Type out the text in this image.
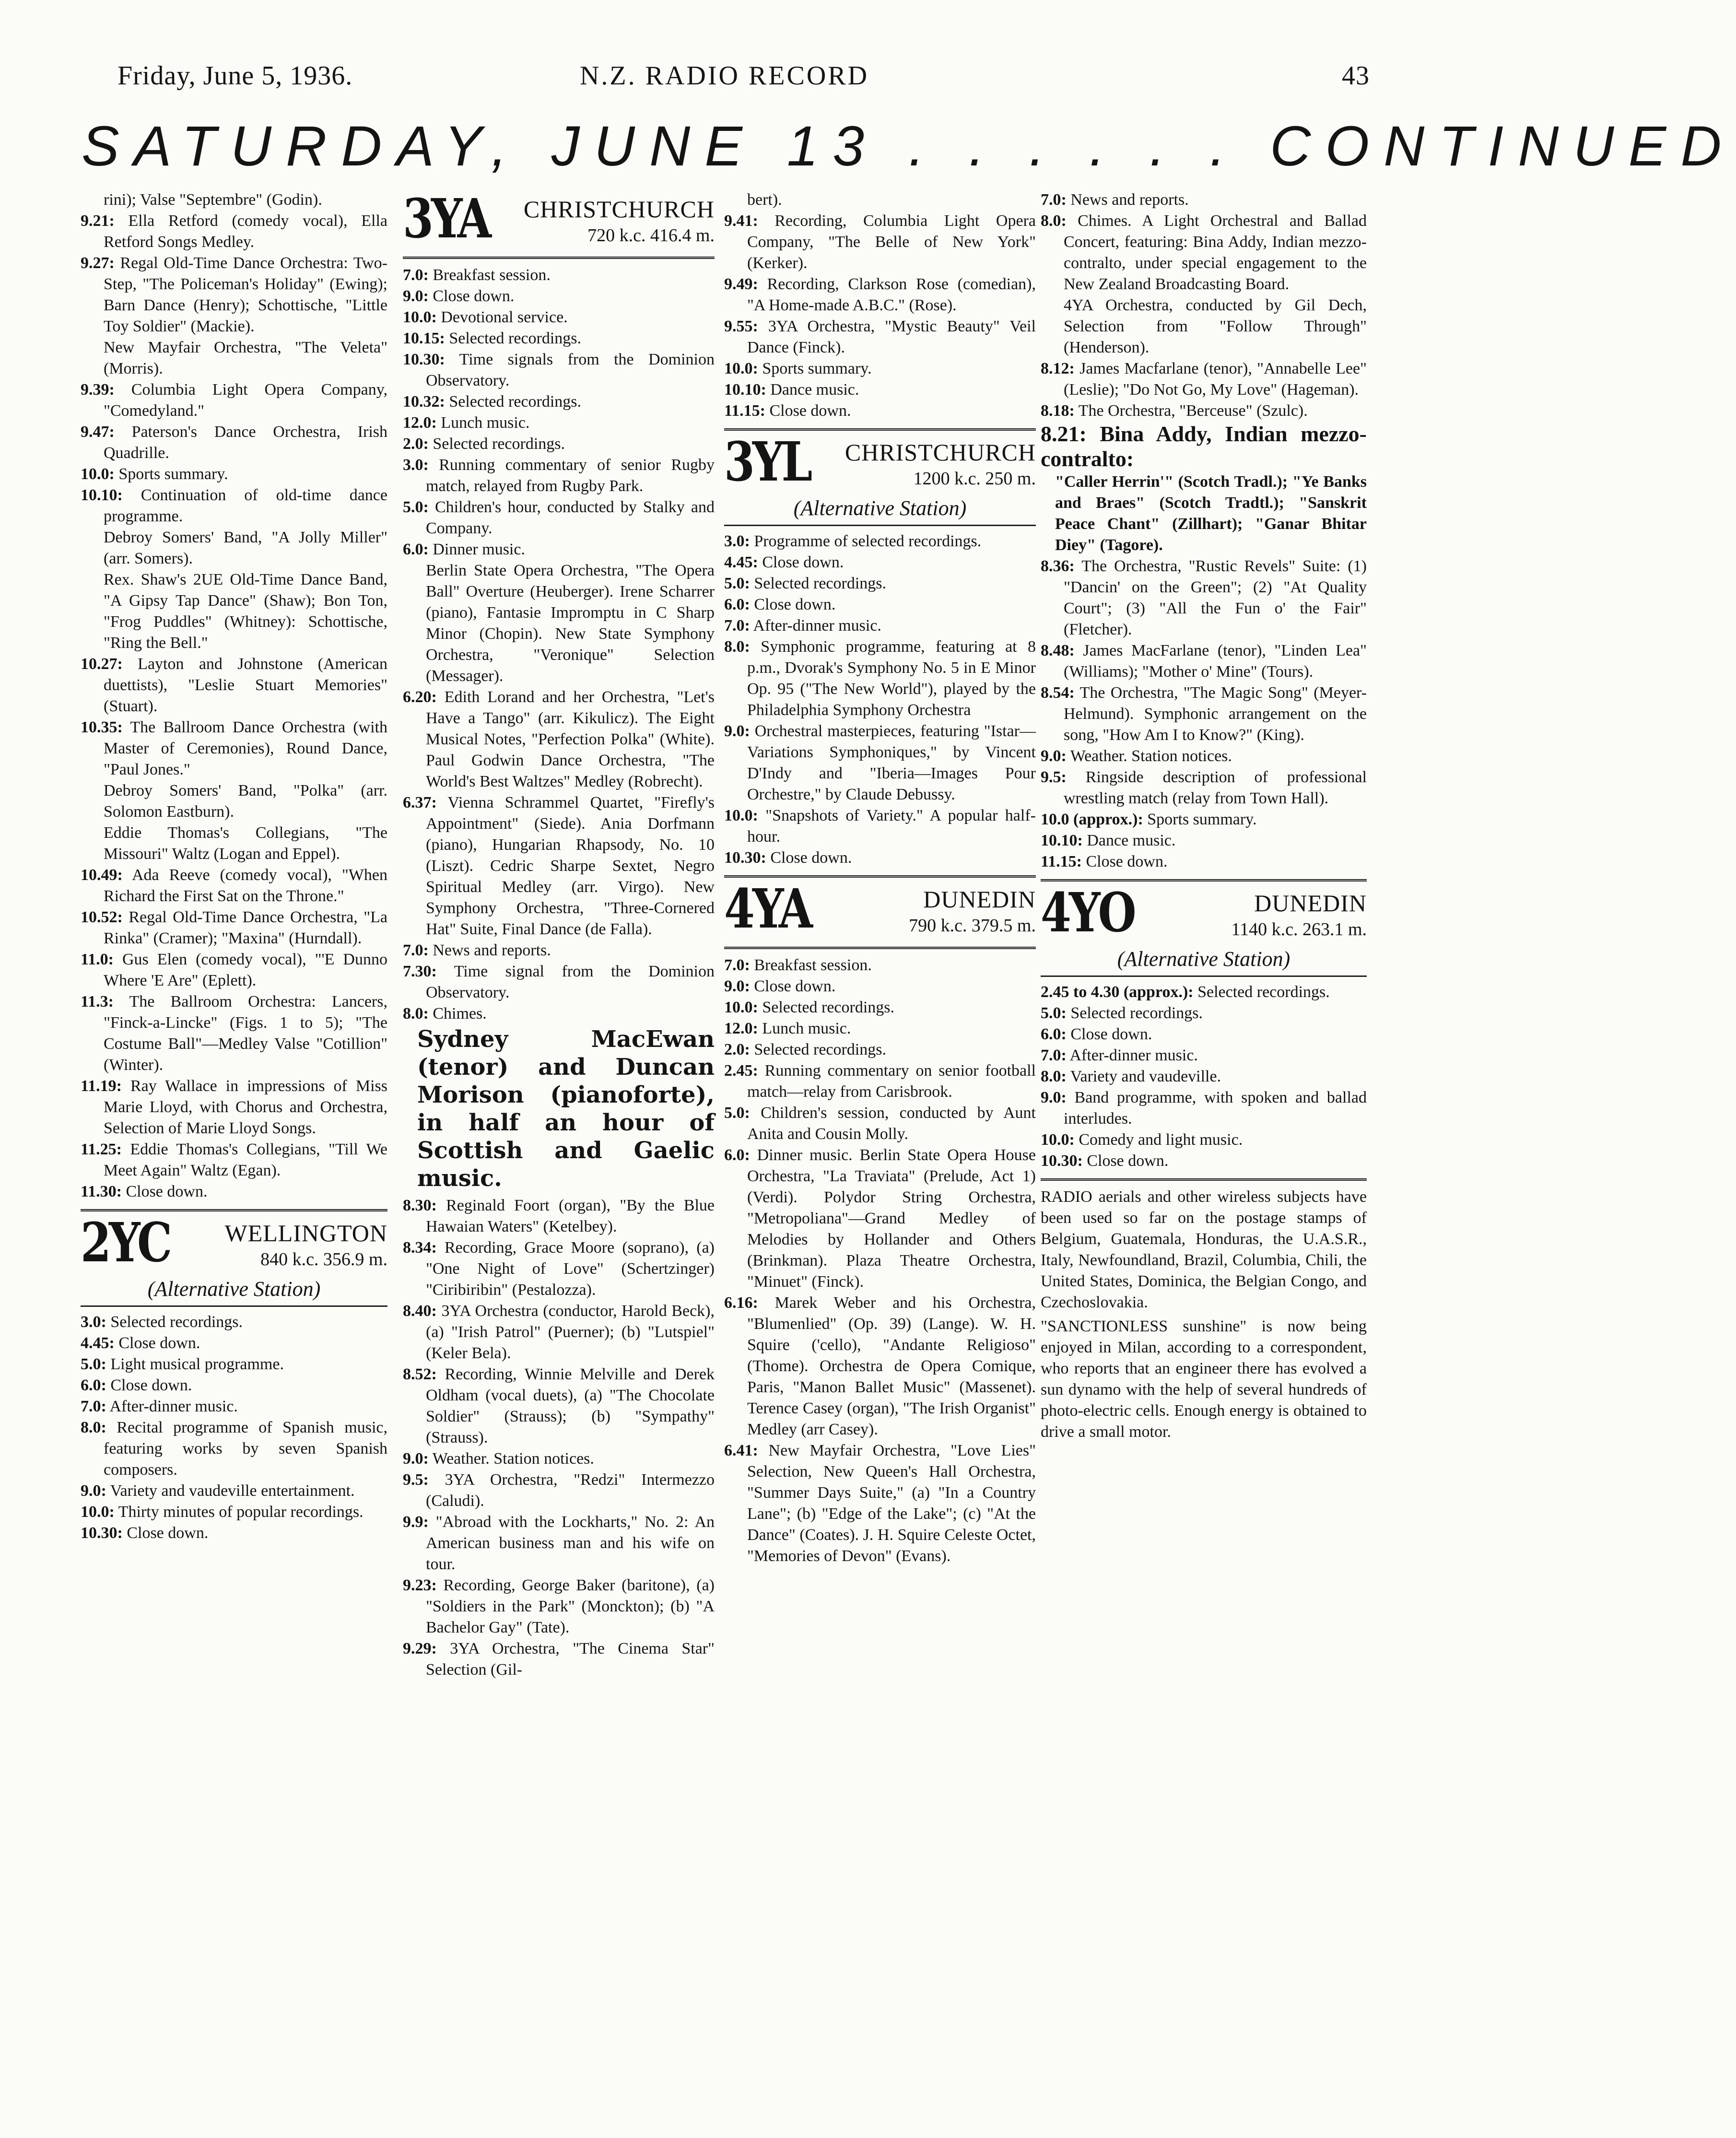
Friday, June 5, 1936.	N.Z. RADIO RECORD	43
SATURDAY, JUNE 13 . . . . . . CONTINUED

rini); Valse "Septembre" (Godin).

9.21: Ella Retford (comedy vocal), Ella Retford Songs Medley.

9.27: Regal Old-Time Dance Orchestra: Two-Step, "The Policeman's Holiday" (Ewing); Barn Dance (Henry); Schottische, "Little Toy Soldier" (Mackie).

New Mayfair Orchestra, "The Veleta" (Morris).

9.39: Columbia Light Opera Company, "Comedyland."

9.47: Paterson's Dance Orchestra, Irish Quadrille.

10.0: Sports summary.

10.10: Continuation of old-time dance programme.

Debroy Somers' Band, "A Jolly Miller" (arr. Somers).

Rex. Shaw's 2UE Old-Time Dance Band, "A Gipsy Tap Dance" (Shaw); Bon Ton, "Frog Puddles" (Whitney): Schottische, "Ring the Bell."

10.27: Layton and Johnstone (American duettists), "Leslie Stuart Memories" (Stuart).

10.35: The Ballroom Dance Orchestra (with Master of Ceremonies), Round Dance, "Paul Jones."

Debroy Somers' Band, "Polka" (arr. Solomon Eastburn).

Eddie Thomas's Collegians, "The Missouri" Waltz (Logan and Eppel).

10.49: Ada Reeve (comedy vocal), "When Richard the First Sat on the Throne."

10.52: Regal Old-Time Dance Orchestra, "La Rinka" (Cramer); "Maxina" (Hurndall).

11.0: Gus Elen (comedy vocal), "'E Dunno Where 'E Are" (Eplett).

11.3: The Ballroom Orchestra: Lancers, "Finck-a-Lincke" (Figs. 1 to 5); "The Costume Ball"—Medley Valse "Cotillion" (Winter).

11.19: Ray Wallace in impressions of Miss Marie Lloyd, with Chorus and Orchestra, Selection of Marie Lloyd Songs.

11.25: Eddie Thomas's Collegians, "Till We Meet Again" Waltz (Egan).

11.30: Close down.

2YC WELLINGTON
840 k.c. 356.9 m.
(Alternative Station)

3.0: Selected recordings.

4.45: Close down.

5.0: Light musical programme.

6.0: Close down.

7.0: After-dinner music.

8.0: Recital programme of Spanish music, featuring works by seven Spanish composers.

9.0: Variety and vaudeville entertainment.

10.0: Thirty minutes of popular recordings.

10.30: Close down.

3YA CHRISTCHURCH
720 k.c. 416.4 m.

7.0: Breakfast session.

9.0: Close down.

10.0: Devotional service.

10.15: Selected recordings.

10.30: Time signals from the Dominion Observatory.

10.32: Selected recordings.

12.0: Lunch music.

2.0: Selected recordings.

3.0: Running commentary of senior Rugby match, relayed from Rugby Park.

5.0: Children's hour, conducted by Stalky and Company.

6.0: Dinner music.

Berlin State Opera Orchestra, "The Opera Ball" Overture (Heuberger). Irene Scharrer (piano), Fantasie Impromptu in C Sharp Minor (Chopin). New State Symphony Orchestra, "Veronique" Selection (Messager).

6.20: Edith Lorand and her Orchestra, "Let's Have a Tango" (arr. Kikulicz). The Eight Musical Notes, "Perfection Polka" (White). Paul Godwin Dance Orchestra, "The World's Best Waltzes" Medley (Robrecht).

6.37: Vienna Schrammel Quartet, "Firefly's Appointment" (Siede). Ania Dorfmann (piano), Hungarian Rhapsody, No. 10 (Liszt). Cedric Sharpe Sextet, Negro Spiritual Medley (arr. Virgo). New Symphony Orchestra, "Three-Cornered Hat" Suite, Final Dance (de Falla).

7.0: News and reports.

7.30: Time signal from the Dominion Observatory.

8.0: Chimes.

Sydney MacEwan (tenor) and Duncan Morison (pianoforte), in half an hour of Scottish and Gaelic music.

8.30: Reginald Foort (organ), "By the Blue Hawaian Waters" (Ketelbey).

8.34: Recording, Grace Moore (soprano), (a) "One Night of Love" (Schertzinger) "Ciribiribin" (Pestalozza).

8.40: 3YA Orchestra (conductor, Harold Beck), (a) "Irish Patrol" (Puerner); (b) "Lutspiel" (Keler Bela).

8.52: Recording, Winnie Melville and Derek Oldham (vocal duets), (a) "The Chocolate Soldier" (Strauss); (b) "Sympathy" (Strauss).

9.0: Weather. Station notices.

9.5: 3YA Orchestra, "Redzi" Intermezzo (Caludi).

9.9: "Abroad with the Lockharts," No. 2: An American business man and his wife on tour.

9.23: Recording, George Baker (baritone), (a) "Soldiers in the Park" (Monckton); (b) "A Bachelor Gay" (Tate).

9.29: 3YA Orchestra, "The Cinema Star" Selection (Gil-

bert).

9.41: Recording, Columbia Light Opera Company, "The Belle of New York" (Kerker).

9.49: Recording, Clarkson Rose (comedian), "A Home-made A.B.C." (Rose).

9.55: 3YA Orchestra, "Mystic Beauty" Veil Dance (Finck).

10.0: Sports summary.

10.10: Dance music.

11.15: Close down.

3YL CHRISTCHURCH
1200 k.c. 250 m.
(Alternative Station)

3.0: Programme of selected recordings.

4.45: Close down.

5.0: Selected recordings.

6.0: Close down.

7.0: After-dinner music.

8.0: Symphonic programme, featuring at 8 p.m., Dvorak's Symphony No. 5 in E Minor Op. 95 ("The New World"), played by the Philadelphia Symphony Orchestra

9.0: Orchestral masterpieces, featuring "Istar—Variations Symphoniques," by Vincent D'Indy and "Iberia—Images Pour Orchestre," by Claude Debussy.

10.0: "Snapshots of Variety." A popular half-hour.

10.30: Close down.

4YA	DUNEDIN
790 k.c. 379.5 m.

7.0: Breakfast session.

9.0: Close down.

10.0: Selected recordings.

12.0: Lunch music.

2.0: Selected recordings.

2.45: Running commentary on senior football match—relay from Carisbrook.

5.0: Children's session, conducted by Aunt Anita and Cousin Molly.

6.0: Dinner music. Berlin State Opera House Orchestra, "La Traviata" (Prelude, Act 1) (Verdi). Polydor String Orchestra, "Metropoliana"—Grand Medley of Melodies by Hollander and Others (Brinkman). Plaza Theatre Orchestra, "Minuet" (Finck).

6.16: Marek Weber and his Orchestra, "Blumenlied" (Op. 39) (Lange). W. H. Squire ('cello), "Andante Religioso" (Thome). Orchestra de Opera Comique, Paris, "Manon Ballet Music" (Massenet). Terence Casey (organ), "The Irish Organist" Medley (arr Casey).

6.41: New Mayfair Orchestra, "Love Lies" Selection, New Queen's Hall Orchestra, "Summer Days Suite," (a) "In a Country Lane"; (b) "Edge of the Lake"; (c) "At the Dance" (Coates). J. H. Squire Celeste Octet, "Memories of Devon" (Evans).

7.0: News and reports.

8.0: Chimes. A Light Orchestral and Ballad Concert, featuring: Bina Addy, Indian mezzo-contralto, under special engagement to the New Zealand Broadcasting Board.

4YA Orchestra, conducted by Gil Dech, Selection from "Follow Through" (Henderson).

8.12: James Macfarlane (tenor), "Annabelle Lee" (Leslie); "Do Not Go, My Love" (Hageman).

8.18: The Orchestra, "Berceuse" (Szulc).

8.21: Bina Addy, Indian mezzo-contralto:
"Caller Herrin'" (Scotch Tradl.); "Ye Banks and Braes" (Scotch Tradtl.); "Sanskrit Peace Chant" (Zillhart); "Ganar Bhitar Diey" (Tagore).

8.36: The Orchestra, "Rustic Revels" Suite: (1) "Dancin' on the Green"; (2) "At Quality Court"; (3) "All the Fun o' the Fair" (Fletcher).

8.48: James MacFarlane (tenor), "Linden Lea" (Williams); "Mother o' Mine" (Tours).

8.54: The Orchestra, "The Magic Song" (Meyer-Helmund). Symphonic arrangement on the song, "How Am I to Know?" (King).

9.0: Weather. Station notices.

9.5: Ringside description of professional wrestling match (relay from Town Hall).

10.0 (approx.): Sports summary.

10.10: Dance music.

11.15: Close down.

4YO	DUNEDIN
1140 k.c. 263.1 m.
(Alternative Station)

2.45 to 4.30 (approx.): Selected recordings.

5.0: Selected recordings.

6.0: Close down.

7.0: After-dinner music.

8.0: Variety and vaudeville.

9.0: Band programme, with spoken and ballad interludes.

10.0: Comedy and light music.

10.30: Close down.

RADIO aerials and other wireless subjects have been used so far on the postage stamps of Belgium, Guatemala, Honduras, the U.A.S.R., Italy, Newfoundland, Brazil, Columbia, Chili, the United States, Dominica, the Belgian Congo, and Czechoslovakia.

"SANCTIONLESS sunshine" is now being enjoyed in Milan, according to a correspondent, who reports that an engineer there has evolved a sun dynamo with the help of several hundreds of photo-electric cells. Enough energy is obtained to drive a small motor.
